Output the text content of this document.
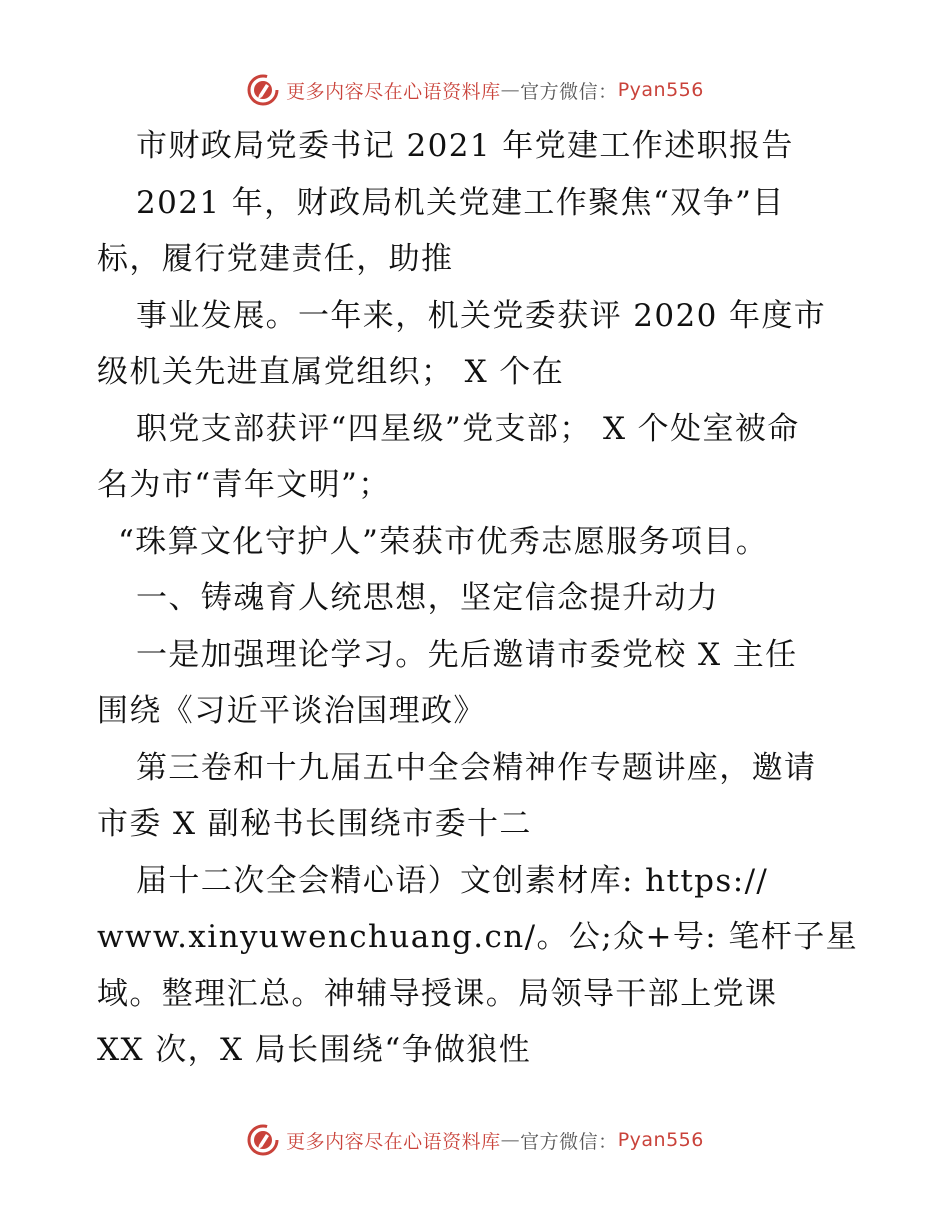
更多内容尽在心语资料库 — 官方微信： Pyan556
市财政局党委书记 2021 年党建工作述职报告
2021 年，财政局机关党建工作聚焦“双争”目
标，履行党建责任，助推
事业发展。一年来，机关党委获评 2020 年度市
级机关先进直属党组织； X 个在
职党支部获评“四星级”党支部； X 个处室被命
名为市“青年文明”；
“珠算文化守护人”荣获市优秀志愿服务项目。
一、铸魂育人统思想，坚定信念提升动力
一是加强理论学习。先后邀请市委党校 X 主任
围绕《习近平谈治国理政》
第三卷和十九届五中全会精神作专题讲座，邀请
市委 X 副秘书长围绕市委十二
届十二次全会精心语）文创素材库: https://
www.xinyuwenchuang.cn/。公;众+号: 笔杆子星
域。整理汇总。神辅导授课。局领导干部上党课
XX 次，X 局长围绕“争做狼性
更多内容尽在心语资料库 — 官方微信： Pyan556
